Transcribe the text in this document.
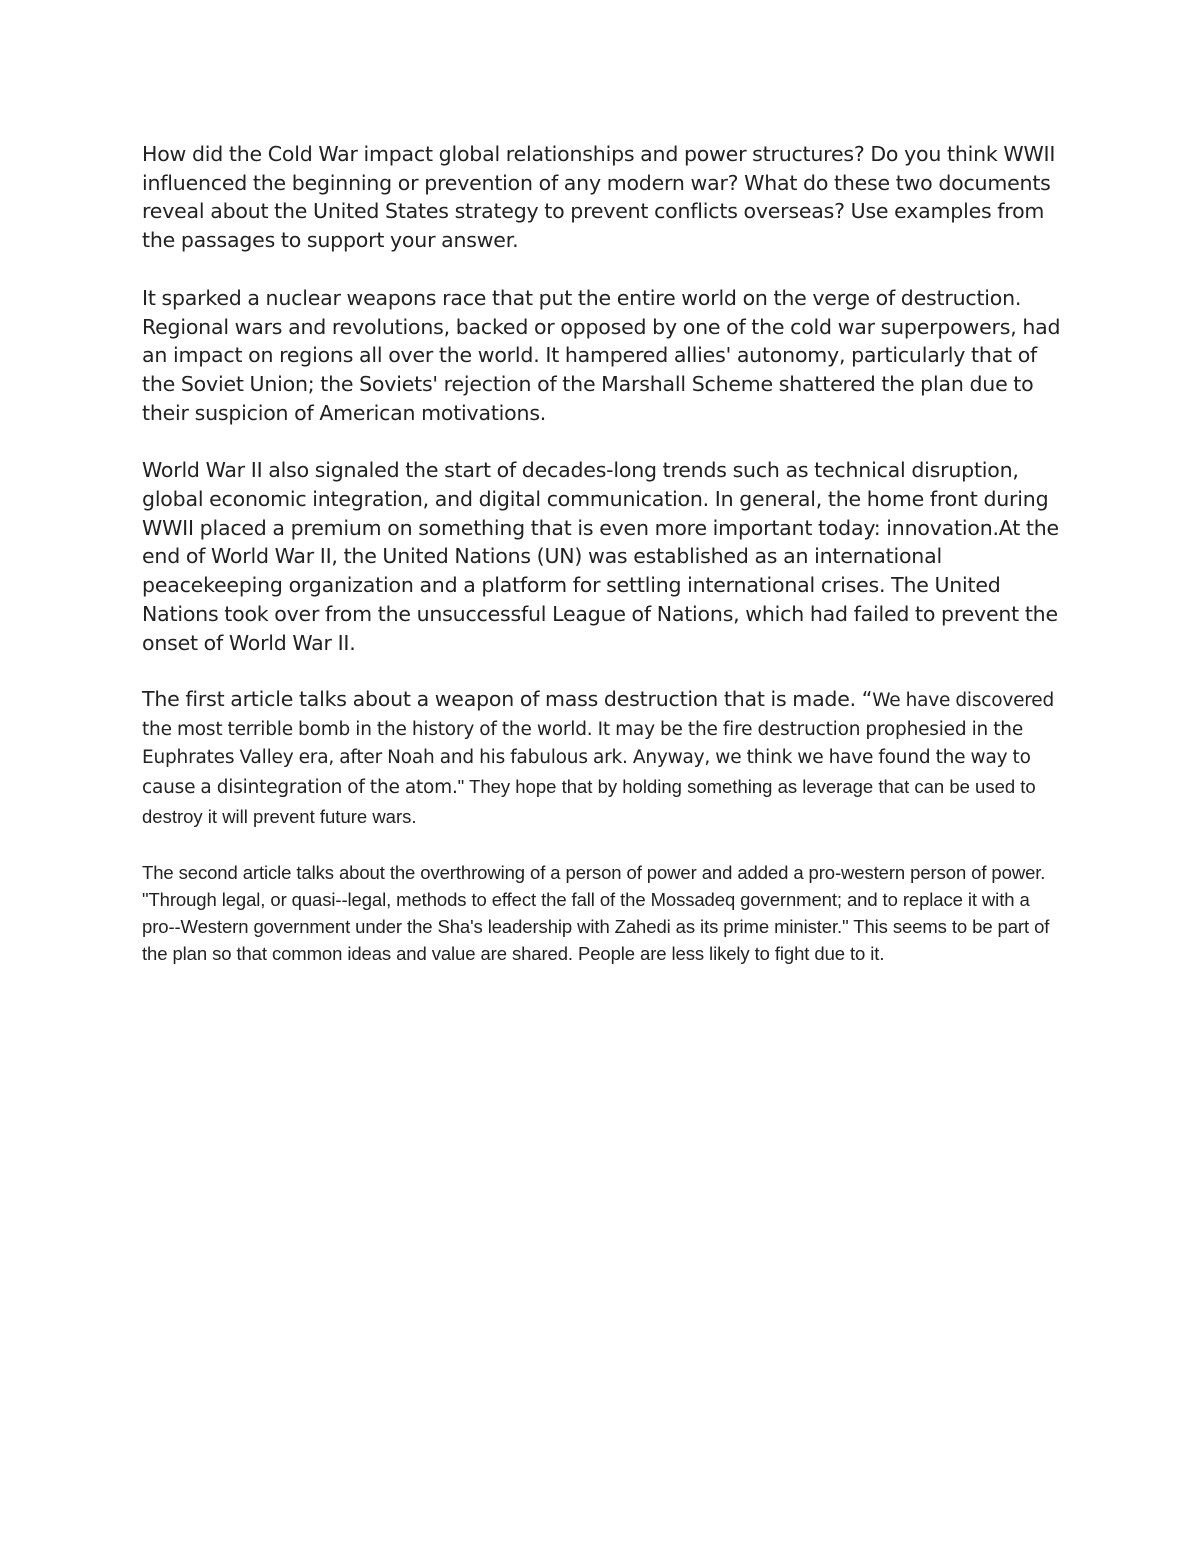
How did the Cold War impact global relationships and power structures? Do you think WWII influenced the beginning or prevention of any modern war? What do these two documents reveal about the United States strategy to prevent conflicts overseas? Use examples from the passages to support your answer.

It sparked a nuclear weapons race that put the entire world on the verge of destruction. Regional wars and revolutions, backed or opposed by one of the cold war superpowers, had an impact on regions all over the world. It hampered allies' autonomy, particularly that of the Soviet Union; the Soviets' rejection of the Marshall Scheme shattered the plan due to their suspicion of American motivations.

World War II also signaled the start of decades-long trends such as technical disruption, global economic integration, and digital communication. In general, the home front during WWII placed a premium on something that is even more important today: innovation.At the end of World War II, the United Nations (UN) was established as an international peacekeeping organization and a platform for settling international crises. The United Nations took over from the unsuccessful League of Nations, which had failed to prevent the onset of World War II.

The first article talks about a weapon of mass destruction that is made. “We have discovered the most terrible bomb in the history of the world. It may be the fire destruction prophesied in the Euphrates Valley era, after Noah and his fabulous ark. Anyway, we think we have found the way to cause a disintegration of the atom." They hope that by holding something as leverage that can be used to destroy it will prevent future wars.

The second article talks about the overthrowing of a person of power and added a pro-western person of power. "Through legal, or quasi--legal, methods to effect the fall of the Mossadeq government; and to replace it with a pro--Western government under the Sha's leadership with Zahedi as its prime minister." This seems to be part of the plan so that common ideas and value are shared. People are less likely to fight due to it.
